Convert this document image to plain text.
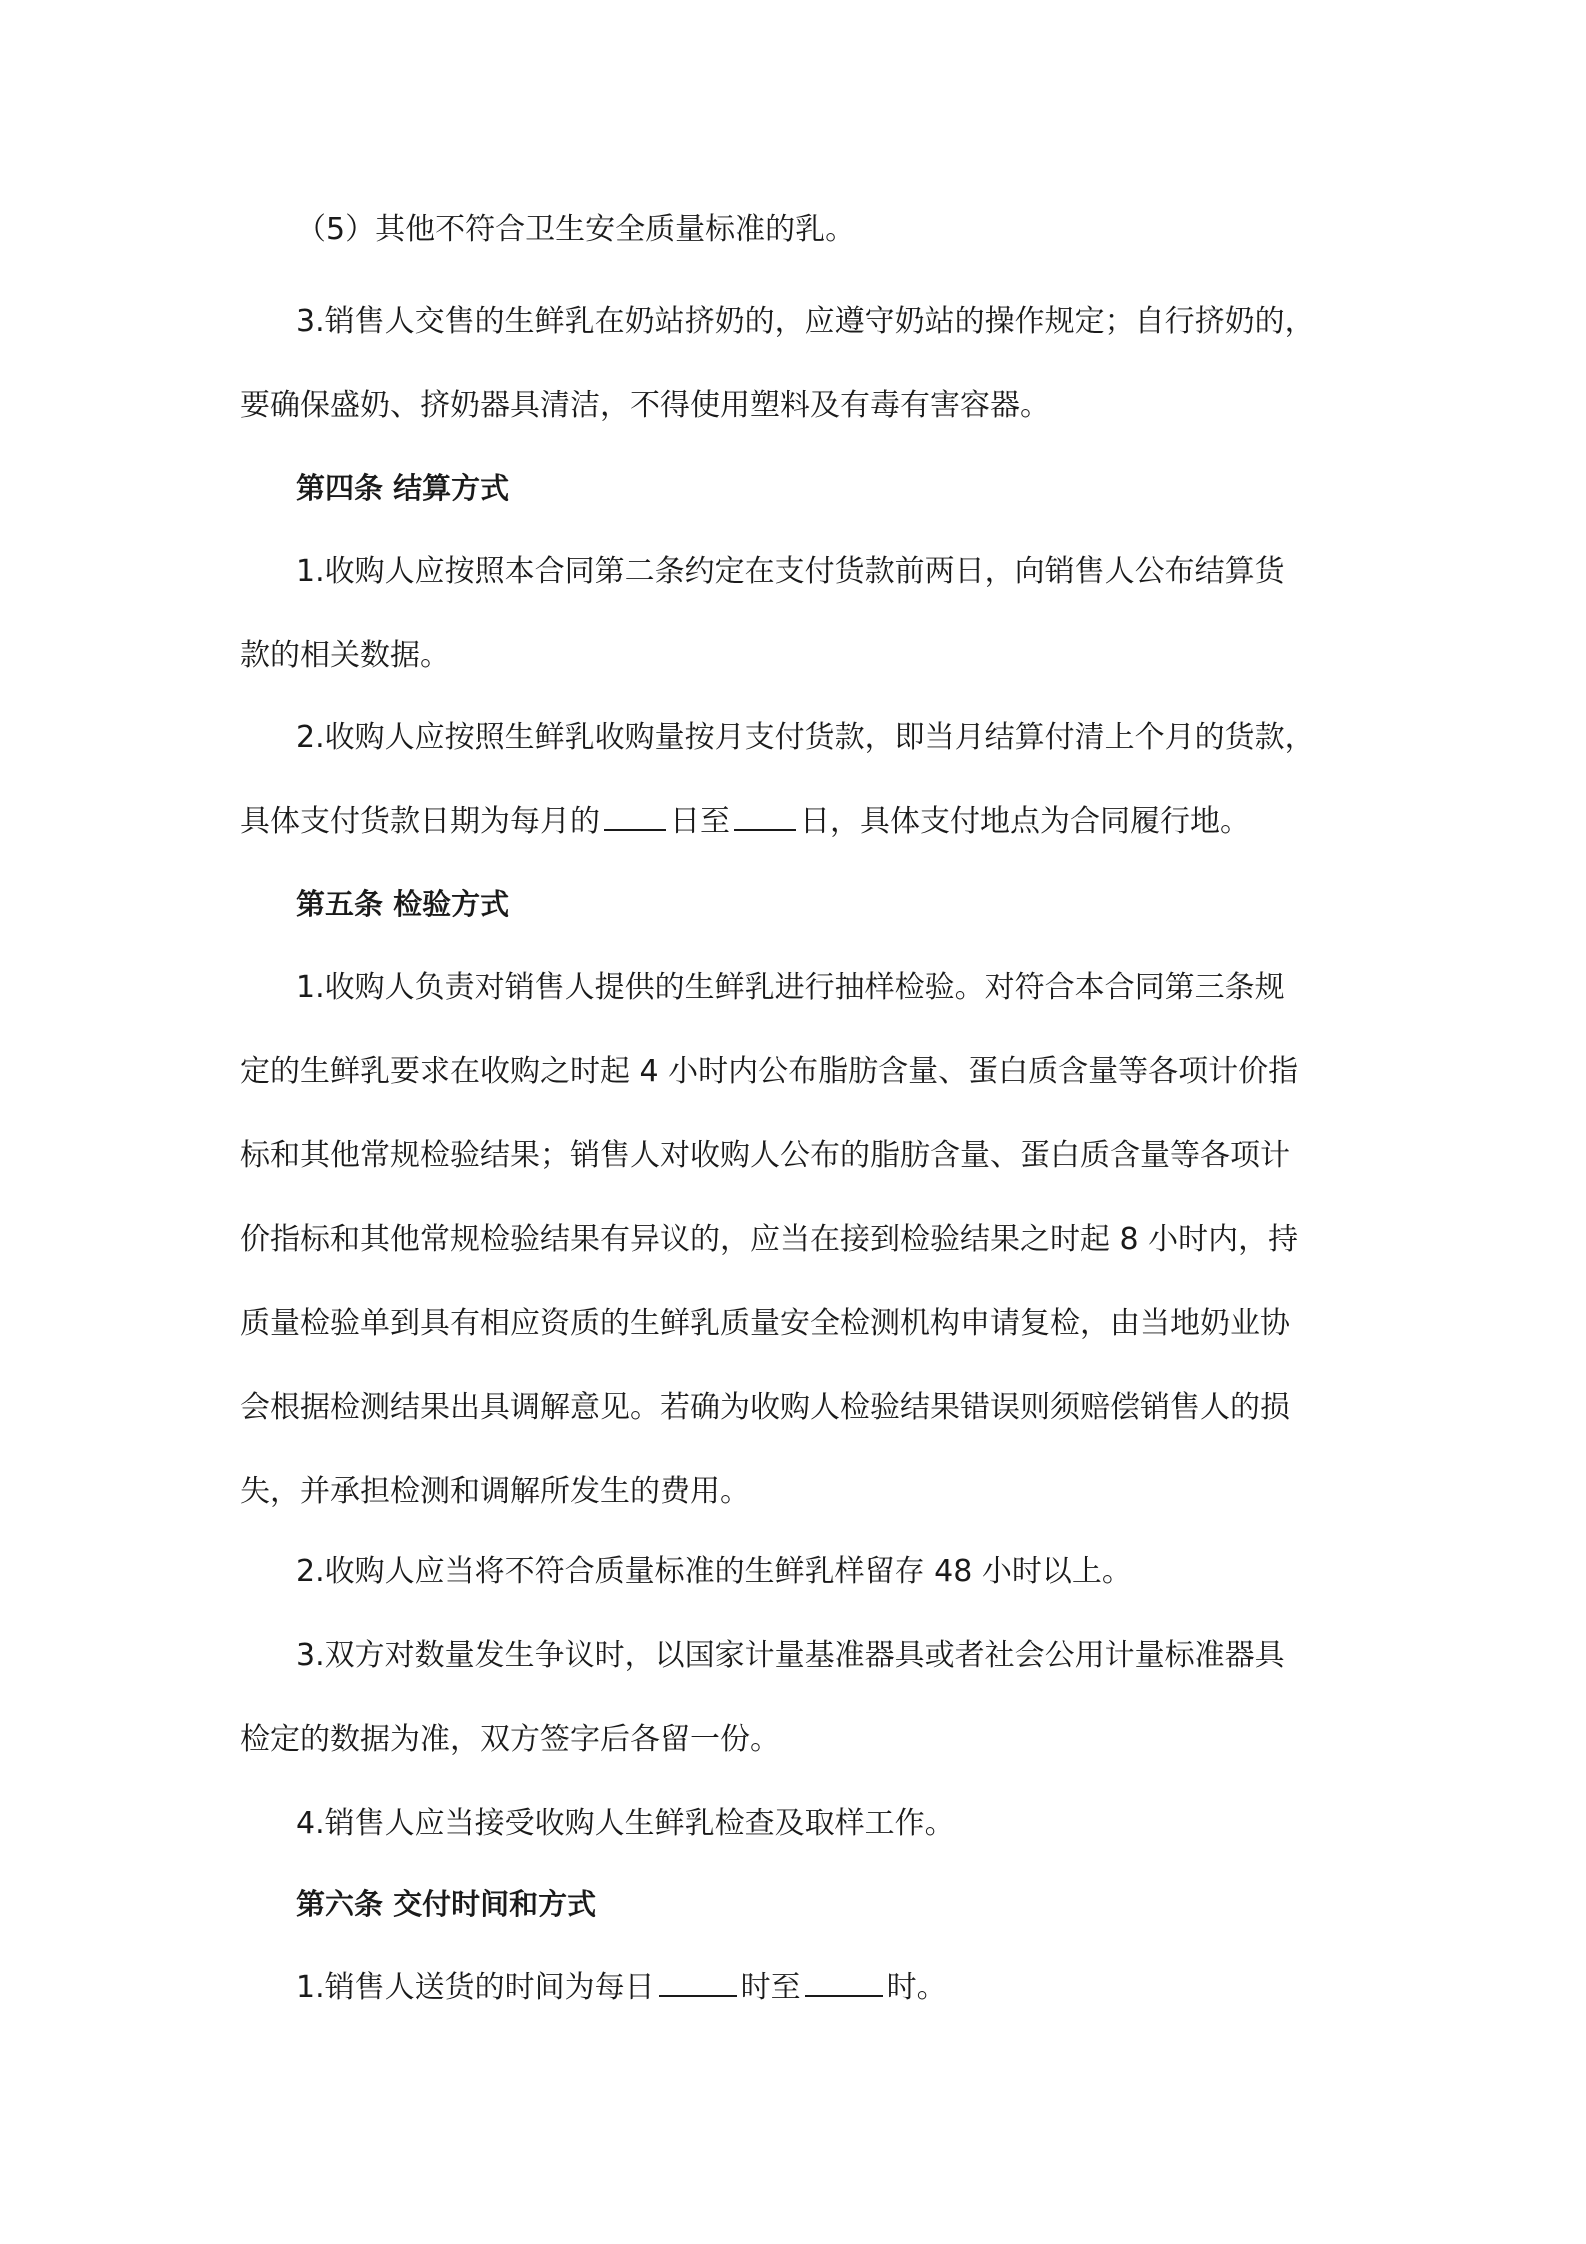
（5）其他不符合卫生安全质量标准的乳。

3.销售人交售的生鲜乳在奶站挤奶的，应遵守奶站的操作规定；自行挤奶的，
要确保盛奶、挤奶器具清洁，不得使用塑料及有毒有害容器。

第四条 结算方式

1.收购人应按照本合同第二条约定在支付货款前两日，向销售人公布结算货
款的相关数据。

2.收购人应按照生鲜乳收购量按月支付货款，即当月结算付清上个月的货款，
具体支付货款日期为每月的 日至 日，具体支付地点为合同履行地。

第五条 检验方式

1.收购人负责对销售人提供的生鲜乳进行抽样检验。对符合本合同第三条规
定的生鲜乳要求在收购之时起 4 小时内公布脂肪含量、蛋白质含量等各项计价指
标和其他常规检验结果；销售人对收购人公布的脂肪含量、蛋白质含量等各项计
价指标和其他常规检验结果有异议的，应当在接到检验结果之时起 8 小时内，持
质量检验单到具有相应资质的生鲜乳质量安全检测机构申请复检，由当地奶业协
会根据检测结果出具调解意见。若确为收购人检验结果错误则须赔偿销售人的损
失，并承担检测和调解所发生的费用。

2.收购人应当将不符合质量标准的生鲜乳样留存 48 小时以上。

3.双方对数量发生争议时，以国家计量基准器具或者社会公用计量标准器具
检定的数据为准，双方签字后各留一份。

4.销售人应当接受收购人生鲜乳检查及取样工作。

第六条 交付时间和方式

1.销售人送货的时间为每日	时至	时。
